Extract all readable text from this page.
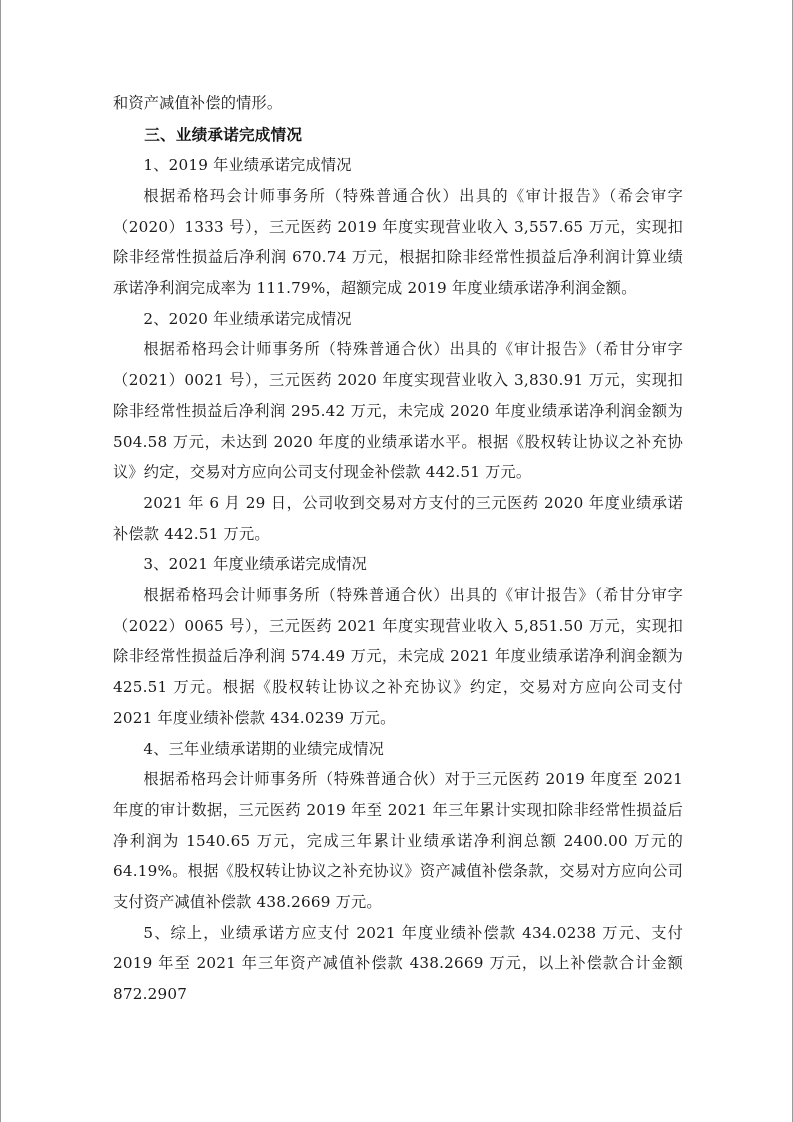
和资产减值补偿的情形。

三、业绩承诺完成情况

1、2019 年业绩承诺完成情况

根据希格玛会计师事务所（特殊普通合伙）出具的《审计报告》（希会审字（2020）1333 号），三元医药 2019 年度实现营业收入 3,557.65 万元，实现扣除非经常性损益后净利润 670.74 万元，根据扣除非经常性损益后净利润计算业绩承诺净利润完成率为 111.79%，超额完成 2019 年度业绩承诺净利润金额。

2、2020 年业绩承诺完成情况

根据希格玛会计师事务所（特殊普通合伙）出具的《审计报告》（希甘分审字（2021）0021 号），三元医药 2020 年度实现营业收入 3,830.91 万元，实现扣除非经常性损益后净利润 295.42 万元，未完成 2020 年度业绩承诺净利润金额为 504.58 万元，未达到 2020 年度的业绩承诺水平。根据《股权转让协议之补充协议》约定，交易对方应向公司支付现金补偿款 442.51 万元。

2021 年 6 月 29 日，公司收到交易对方支付的三元医药 2020 年度业绩承诺补偿款 442.51 万元。

3、2021 年度业绩承诺完成情况

根据希格玛会计师事务所（特殊普通合伙）出具的《审计报告》（希甘分审字（2022）0065 号），三元医药 2021 年度实现营业收入 5,851.50 万元，实现扣除非经常性损益后净利润 574.49 万元，未完成 2021 年度业绩承诺净利润金额为 425.51 万元。根据《股权转让协议之补充协议》约定，交易对方应向公司支付 2021 年度业绩补偿款 434.0239 万元。

4、三年业绩承诺期的业绩完成情况

根据希格玛会计师事务所（特殊普通合伙）对于三元医药 2019 年度至 2021 年度的审计数据，三元医药 2019 年至 2021 年三年累计实现扣除非经常性损益后净利润为 1540.65 万元，完成三年累计业绩承诺净利润总额 2400.00 万元的 64.19%。根据《股权转让协议之补充协议》资产减值补偿条款，交易对方应向公司支付资产减值补偿款 438.2669 万元。

5、综上，业绩承诺方应支付 2021 年度业绩补偿款 434.0238 万元、支付 2019 年至 2021 年三年资产减值补偿款 438.2669 万元，以上补偿款合计金额 872.2907
